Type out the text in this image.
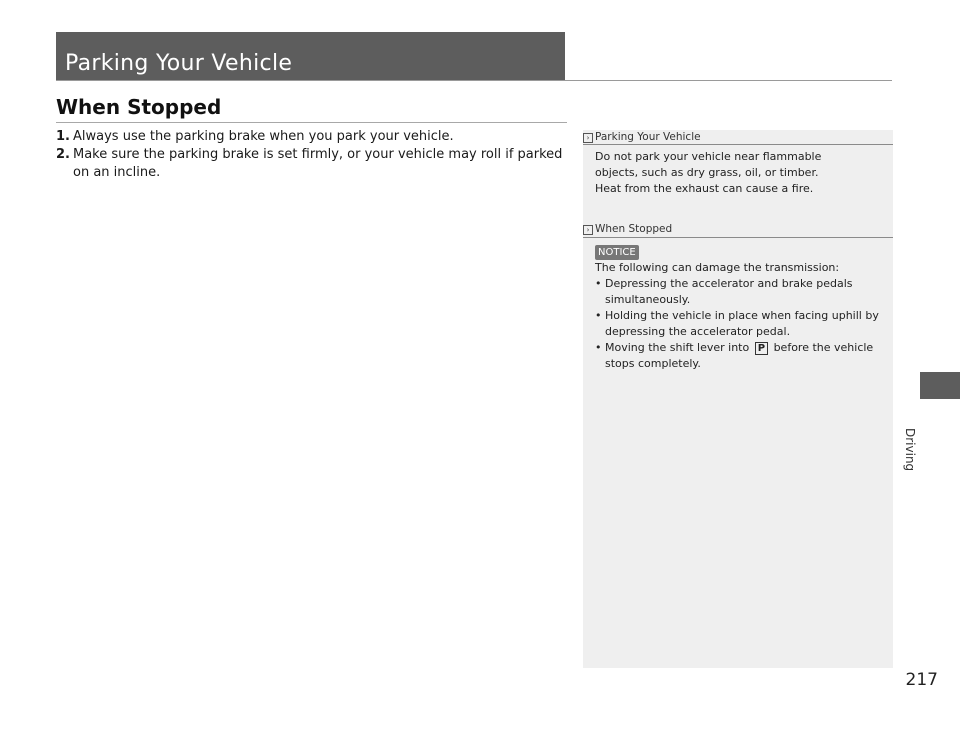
Parking Your Vehicle
When Stopped
1. Always use the parking brake when you park your vehicle.
2. Make sure the parking brake is set firmly, or your vehicle may roll if parked on an incline.
› Parking Your Vehicle
Do not park your vehicle near flammable objects, such as dry grass, oil, or timber.
Heat from the exhaust can cause a fire.
› When Stopped
NOTICE
The following can damage the transmission:
• Depressing the accelerator and brake pedals simultaneously.
• Holding the vehicle in place when facing uphill by depressing the accelerator pedal.
• Moving the shift lever into P before the vehicle stops completely.
Driving
217
